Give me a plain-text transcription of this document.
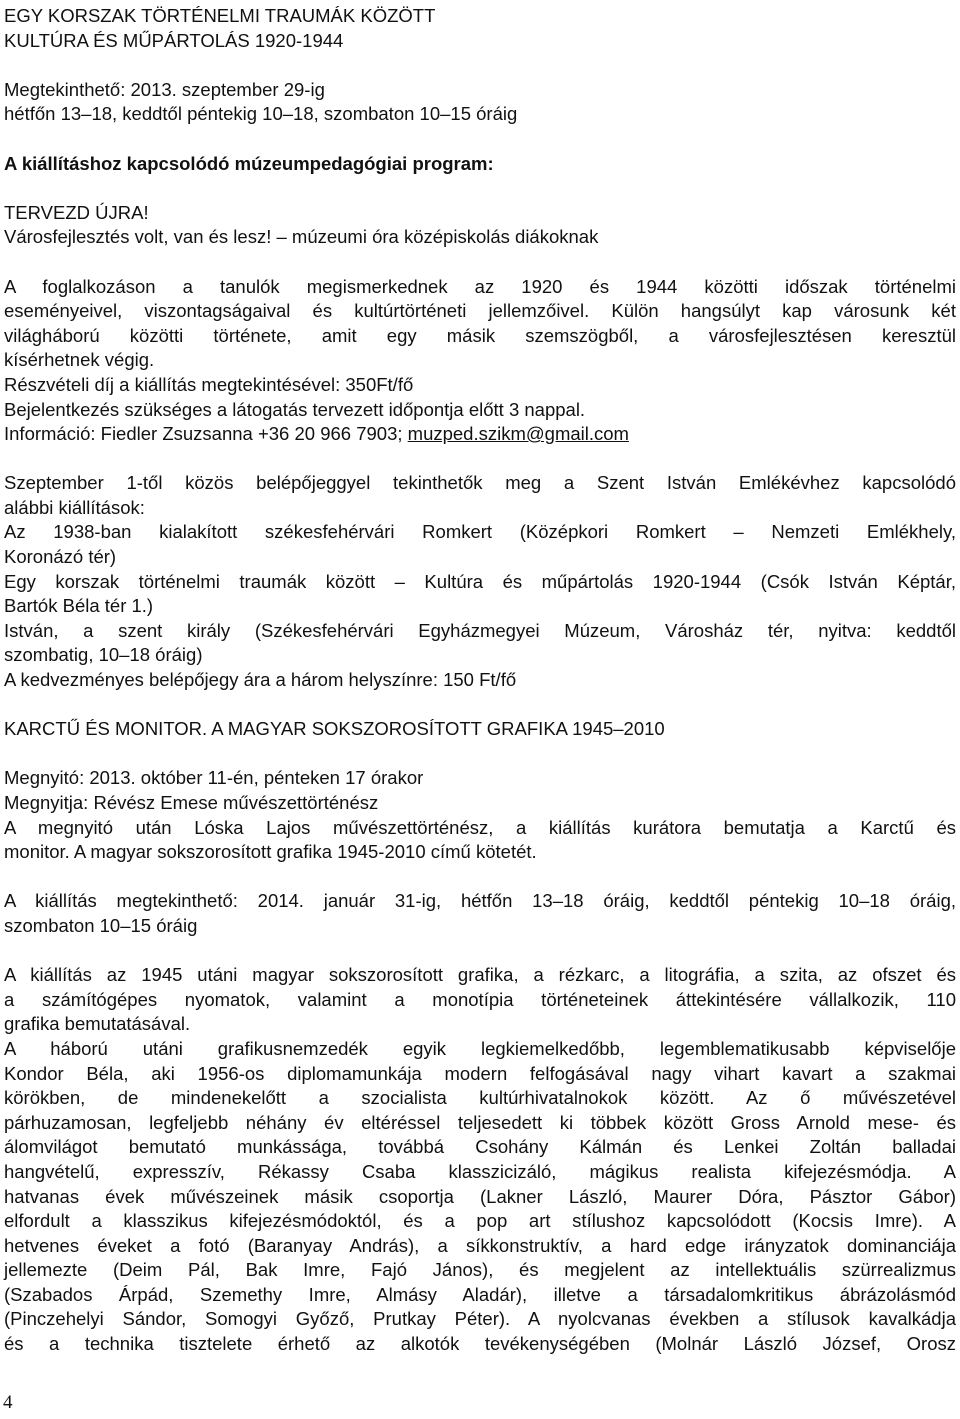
EGY KORSZAK TÖRTÉNELMI TRAUMÁK KÖZÖTT
KULTÚRA ÉS MŰPÁRTOLÁS 1920-1944
Megtekinthető: 2013. szeptember 29-ig
hétfőn 13–18, keddtől péntekig 10–18, szombaton 10–15 óráig
A kiállításhoz kapcsolódó múzeumpedagógiai program:
TERVEZD ÚJRA!
Városfejlesztés volt, van és lesz! – múzeumi óra középiskolás diákoknak
A foglalkozáson a tanulók megismerkednek az 1920 és 1944 közötti időszak történelmi
eseményeivel, viszontagságaival és kultúrtörténeti jellemzőivel. Külön hangsúlyt kap városunk két
világháború közötti története, amit egy másik szemszögből, a városfejlesztésen keresztül
kísérhetnek végig.
Részvételi díj a kiállítás megtekintésével: 350Ft/fő
Bejelentkezés szükséges a látogatás tervezett időpontja előtt 3 nappal.
Információ: Fiedler Zsuzsanna +36 20 966 7903; muzped.szikm@gmail.com
Szeptember 1-től közös belépőjeggyel tekinthetők meg a Szent István Emlékévhez kapcsolódó
alábbi kiállítások:
Az 1938-ban kialakított székesfehérvári Romkert (Középkori Romkert – Nemzeti Emlékhely,
Koronázó tér)
Egy korszak történelmi traumák között – Kultúra és műpártolás 1920-1944 (Csók István Képtár,
Bartók Béla tér 1.)
István, a szent király (Székesfehérvári Egyházmegyei Múzeum, Városház tér, nyitva: keddtől
szombatig, 10–18 óráig)
A kedvezményes belépőjegy ára a három helyszínre: 150 Ft/fő
KARCTŰ ÉS MONITOR. A MAGYAR SOKSZOROSÍTOTT GRAFIKA 1945–2010
Megnyitó: 2013. október 11-én, pénteken 17 órakor
Megnyitja: Révész Emese művészettörténész
A megnyitó után Lóska Lajos művészettörténész, a kiállítás kurátora bemutatja a Karctű és
monitor. A magyar sokszorosított grafika 1945-2010 című kötetét.
A kiállítás megtekinthető: 2014. január 31-ig, hétfőn 13–18 óráig, keddtől péntekig 10–18 óráig,
szombaton 10–15 óráig
A kiállítás az 1945 utáni magyar sokszorosított grafika, a rézkarc, a litográfia, a szita, az ofszet és
a számítógépes nyomatok, valamint a monotípia történeteinek áttekintésére vállalkozik, 110
grafika bemutatásával.
A háború utáni grafikusnemzedék egyik legkiemelkedőbb, legemblematikusabb képviselője
Kondor Béla, aki 1956-os diplomamunkája modern felfogásával nagy vihart kavart a szakmai
körökben, de mindenekelőtt a szocialista kultúrhivatalnokok között. Az ő művészetével
párhuzamosan, legfeljebb néhány év eltéréssel teljesedett ki többek között Gross Arnold mese- és
álomvilágot bemutató munkássága, továbbá Csohány Kálmán és Lenkei Zoltán balladai
hangvételű, expresszív, Rékassy Csaba klasszicizáló, mágikus realista kifejezésmódja. A
hatvanas évek művészeinek másik csoportja (Lakner László, Maurer Dóra, Pásztor Gábor)
elfordult a klasszikus kifejezésmódoktól, és a pop art stílushoz kapcsolódott (Kocsis Imre). A
hetvenes éveket a fotó (Baranyay András), a síkkonstruktív, a hard edge irányzatok dominanciája
jellemezte (Deim Pál, Bak Imre, Fajó János), és megjelent az intellektuális szürrealizmus
(Szabados Árpád, Szemethy Imre, Almásy Aladár), illetve a társadalomkritikus ábrázolásmód
(Pinczehelyi Sándor, Somogyi Győző, Prutkay Péter). A nyolcvanas években a stílusok kavalkádja
és a technika tisztelete érhető az alkotók tevékenységében (Molnár László József, Orosz
4
